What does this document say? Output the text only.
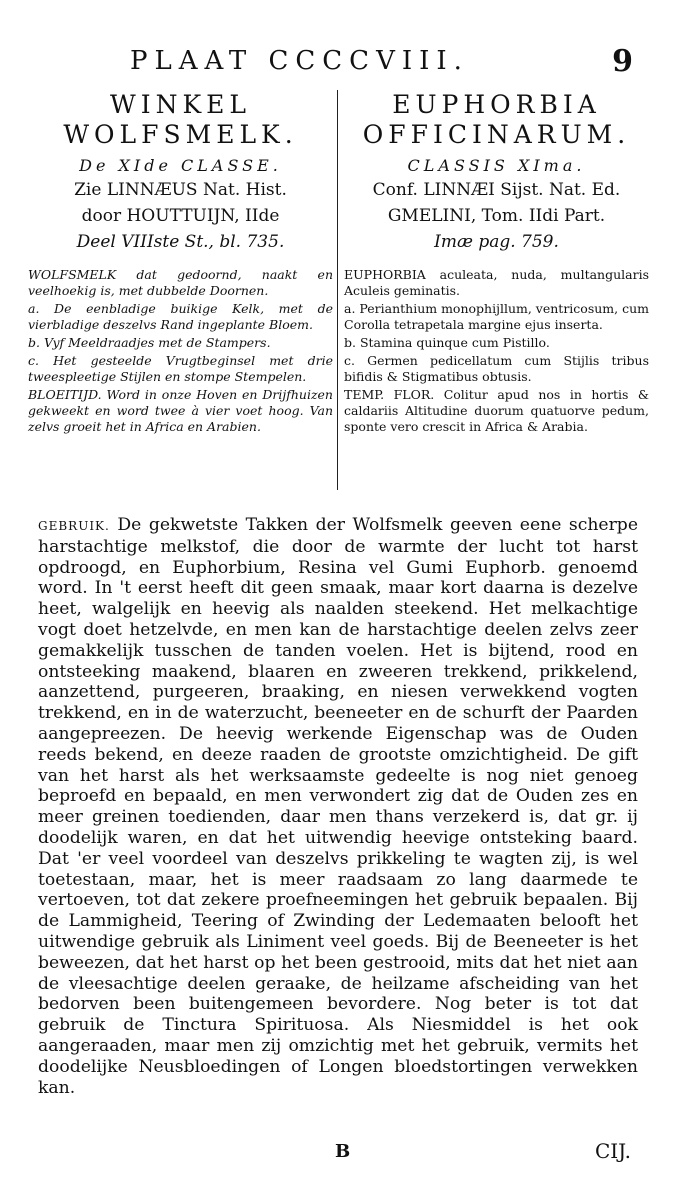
PLAAT CCCCVIII.	9
WINKEL
WOLFSMELK.
De XIde CLASSE.
Zie LINNÆUS Nat. Hist.
door HOUTTUIJN, IIde
Deel VIIIste St., bl. 735.

WOLFSMELK dat gedoornd, naakt en veelhoekig is, met dubbelde Doornen.

a. De eenbladige buikige Kelk, met de vierbladige deszelvs Rand ingeplante Bloem.

b. Vyf Meeldraadjes met de Stampers.

c. Het gesteelde Vrugtbeginsel met drie tweespleetige Stijlen en stompe Stempelen.

BLOEITIJD. Word in onze Hoven en Drijfhuizen gekweekt en word twee à vier voet hoog. Van zelvs groeit het in Africa en Arabien.

EUPHORBIA
OFFICINARUM.
CLASSIS XIma.
Conf. LINNÆI Sijst. Nat. Ed.
GMELINI, Tom. IIdi Part.
Imæ pag. 759.

EUPHORBIA aculeata, nuda, multangularis Aculeis geminatis.

a. Perianthium monophijllum, ventricosum, cum Corolla tetrapetala margine ejus inserta.

b. Stamina quinque cum Pistillo.

c. Germen pedicellatum cum Stijlis tribus bifidis & Stigmatibus obtusis.

TEMP. FLOR. Colitur apud nos in hortis & caldariis Altitudine duorum quatuorve pedum, sponte vero crescit in Africa & Arabia.

GEBRUIK. De gekwetste Takken der Wolfsmelk geeven eene scherpe harstachtige melkstof, die door de warmte der lucht tot harst opdroogd, en Euphorbium, Resina vel Gumi Euphorb. genoemd word. In 't eerst heeft dit geen smaak, maar kort daarna is dezelve heet, walgelijk en heevig als naalden steekend. Het melkachtige vogt doet hetzelvde, en men kan de harstachtige deelen zelvs zeer gemakkelijk tusschen de tanden voelen. Het is bijtend, rood en ontsteeking maakend, blaaren en zweeren trekkend, prikkelend, aanzettend, purgeeren, braaking, en niesen verwekkend vogten trekkend, en in de waterzucht, beeneeter en de schurft der Paarden aangepreezen. De heevig werkende Eigenschap was de Ouden reeds bekend, en deeze raaden de grootste omzichtigheid. De gift van het harst als het werksaamste gedeelte is nog niet genoeg beproefd en bepaald, en men verwondert zig dat de Ouden zes en meer greinen toedienden, daar men thans verzekerd is, dat gr. ij doodelijk waren, en dat het uitwendig heevige ontsteking baard. Dat 'er veel voordeel van deszelvs prikkeling te wagten zij, is wel toetestaan, maar, het is meer raadsaam zo lang daarmede te vertoeven, tot dat zekere proefneemingen het gebruik bepaalen. Bij de Lammigheid, Teering of Zwinding der Ledemaaten belooft het uitwendige gebruik als Liniment veel goeds. Bij de Beeneeter is het beweezen, dat het harst op het been gestrooid, mits dat het niet aan de vleesachtige deelen geraake, de heilzame afscheiding van het bedorven been buitengemeen bevordere. Nog beter is tot dat gebruik de Tinctura Spirituosa. Als Niesmiddel is het ook aangeraaden, maar men zij omzichtig met het gebruik, vermits het doodelijke Neusbloedingen of Longen bloedstortingen verwekken kan.

B	CIJ.
